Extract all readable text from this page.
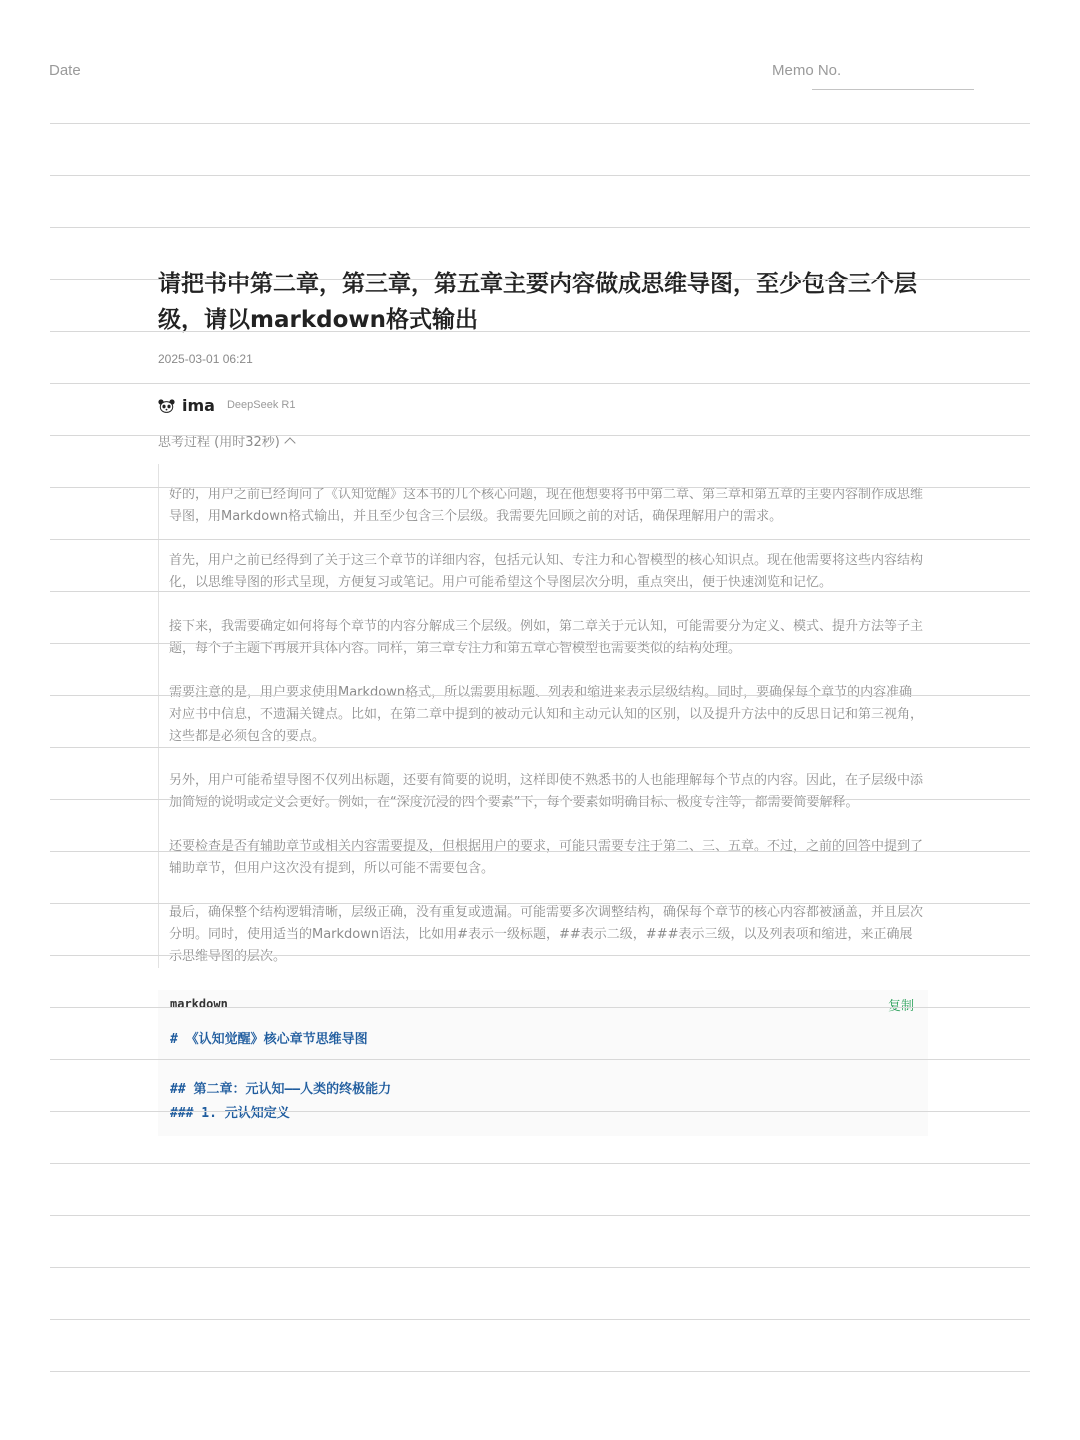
Date	Memo No.
请把书中第二章，第三章，第五章主要内容做成思维导图，至少包含三个层级，请以markdown格式输出
2025-03-01 06:21
ima DeepSeek R1
思考过程 (用时32秒)

好的，用户之前已经询问了《认知觉醒》这本书的几个核心问题，现在他想要将书中第二章、第三章和第五章的主要内容制作成思维导图，用Markdown格式输出，并且至少包含三个层级。我需要先回顾之前的对话，确保理解用户的需求。

首先，用户之前已经得到了关于这三个章节的详细内容，包括元认知、专注力和心智模型的核心知识点。现在他需要将这些内容结构化，以思维导图的形式呈现，方便复习或笔记。用户可能希望这个导图层次分明，重点突出，便于快速浏览和记忆。

接下来，我需要确定如何将每个章节的内容分解成三个层级。例如，第二章关于元认知，可能需要分为定义、模式、提升方法等子主题，每个子主题下再展开具体内容。同样，第三章专注力和第五章心智模型也需要类似的结构处理。

需要注意的是，用户要求使用Markdown格式，所以需要用标题、列表和缩进来表示层级结构。同时，要确保每个章节的内容准确对应书中信息，不遗漏关键点。比如，在第二章中提到的被动元认知和主动元认知的区别，以及提升方法中的反思日记和第三视角，这些都是必须包含的要点。

另外，用户可能希望导图不仅列出标题，还要有简要的说明，这样即使不熟悉书的人也能理解每个节点的内容。因此，在子层级中添加简短的说明或定义会更好。例如，在“深度沉浸的四个要素”下，每个要素如明确目标、极度专注等，都需要简要解释。

还要检查是否有辅助章节或相关内容需要提及，但根据用户的要求，可能只需要专注于第二、三、五章。不过，之前的回答中提到了辅助章节，但用户这次没有提到，所以可能不需要包含。

最后，确保整个结构逻辑清晰，层级正确，没有重复或遗漏。可能需要多次调整结构，确保每个章节的核心内容都被涵盖，并且层次分明。同时，使用适当的Markdown语法，比如用#表示一级标题，##表示二级，###表示三级，以及列表项和缩进，来正确展示思维导图的层次。

markdown	复制
# 《认知觉醒》核心章节思维导图
## 第二章：元认知——人类的终极能力
### 1. 元认知定义
